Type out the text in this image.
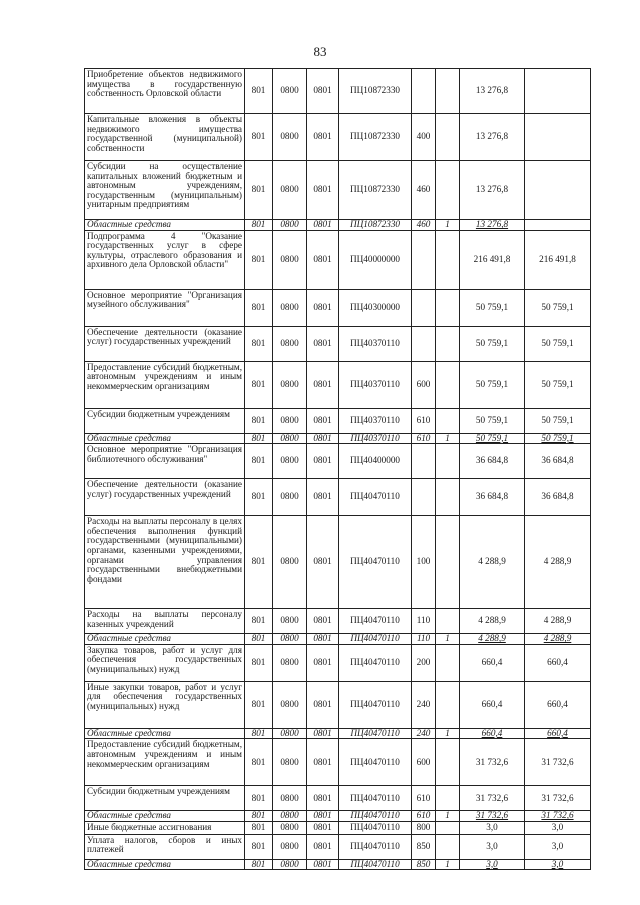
83
Приобретение объектов недвижимого имущества в государственную собственность Орловской области	801	0800	0801	ПЦ10872330			13 276,8	
Капитальные вложения в объекты недвижимого имущества государственной (муниципальной) собственности	801	0800	0801	ПЦ10872330	400		13 276,8	
Субсидии на осуществление капитальных вложений бюджетным и автономным учреждениям, государственным (муниципальным) унитарным предприятиям	801	0800	0801	ПЦ10872330	460		13 276,8	
Областные средства	801	0800	0801	ПЦ10872330	460	1	13 276,8	
Подпрограмма 4 "Оказание государственных услуг в сфере культуры, отраслевого образования и архивного дела Орловской области"	801	0800	0801	ПЦ40000000			216 491,8	216 491,8
Основное мероприятие "Организация музейного обслуживания"	801	0800	0801	ПЦ40300000			50 759,1	50 759,1
Обеспечение деятельности (оказание услуг) государственных учреждений	801	0800	0801	ПЦ40370110			50 759,1	50 759,1
Предоставление субсидий бюджетным, автономным учреждениям и иным некоммерческим организациям	801	0800	0801	ПЦ40370110	600		50 759,1	50 759,1
Субсидии бюджетным учреждениям	801	0800	0801	ПЦ40370110	610		50 759,1	50 759,1
Областные средства	801	0800	0801	ПЦ40370110	610	1	50 759,1	50 759,1
Основное мероприятие "Организация библиотечного обслуживания"	801	0800	0801	ПЦ40400000			36 684,8	36 684,8
Обеспечение деятельности (оказание услуг) государственных учреждений	801	0800	0801	ПЦ40470110			36 684,8	36 684,8
Расходы на выплаты персоналу в целях обеспечения выполнения функций государственными (муниципальными) органами, казенными учреждениями, органами управления государственными внебюджетными фондами	801	0800	0801	ПЦ40470110	100		4 288,9	4 288,9
Расходы на выплаты персоналу казенных учреждений	801	0800	0801	ПЦ40470110	110		4 288,9	4 288,9
Областные средства	801	0800	0801	ПЦ40470110	110	1	4 288,9	4 288,9
Закупка товаров, работ и услуг для обеспечения государственных (муниципальных) нужд	801	0800	0801	ПЦ40470110	200		660,4	660,4
Иные закупки товаров, работ и услуг для обеспечения государственных (муниципальных) нужд	801	0800	0801	ПЦ40470110	240		660,4	660,4
Областные средства	801	0800	0801	ПЦ40470110	240	1	660,4	660,4
Предоставление субсидий бюджетным, автономным учреждениям и иным некоммерческим организациям	801	0800	0801	ПЦ40470110	600		31 732,6	31 732,6
Субсидии бюджетным учреждениям	801	0800	0801	ПЦ40470110	610		31 732,6	31 732,6
Областные средства	801	0800	0801	ПЦ40470110	610	1	31 732,6	31 732,6
Иные бюджетные ассигнования	801	0800	0801	ПЦ40470110	800		3,0	3,0
Уплата налогов, сборов и иных платежей	801	0800	0801	ПЦ40470110	850		3,0	3,0
Областные средства	801	0800	0801	ПЦ40470110	850	1	3,0	3,0
